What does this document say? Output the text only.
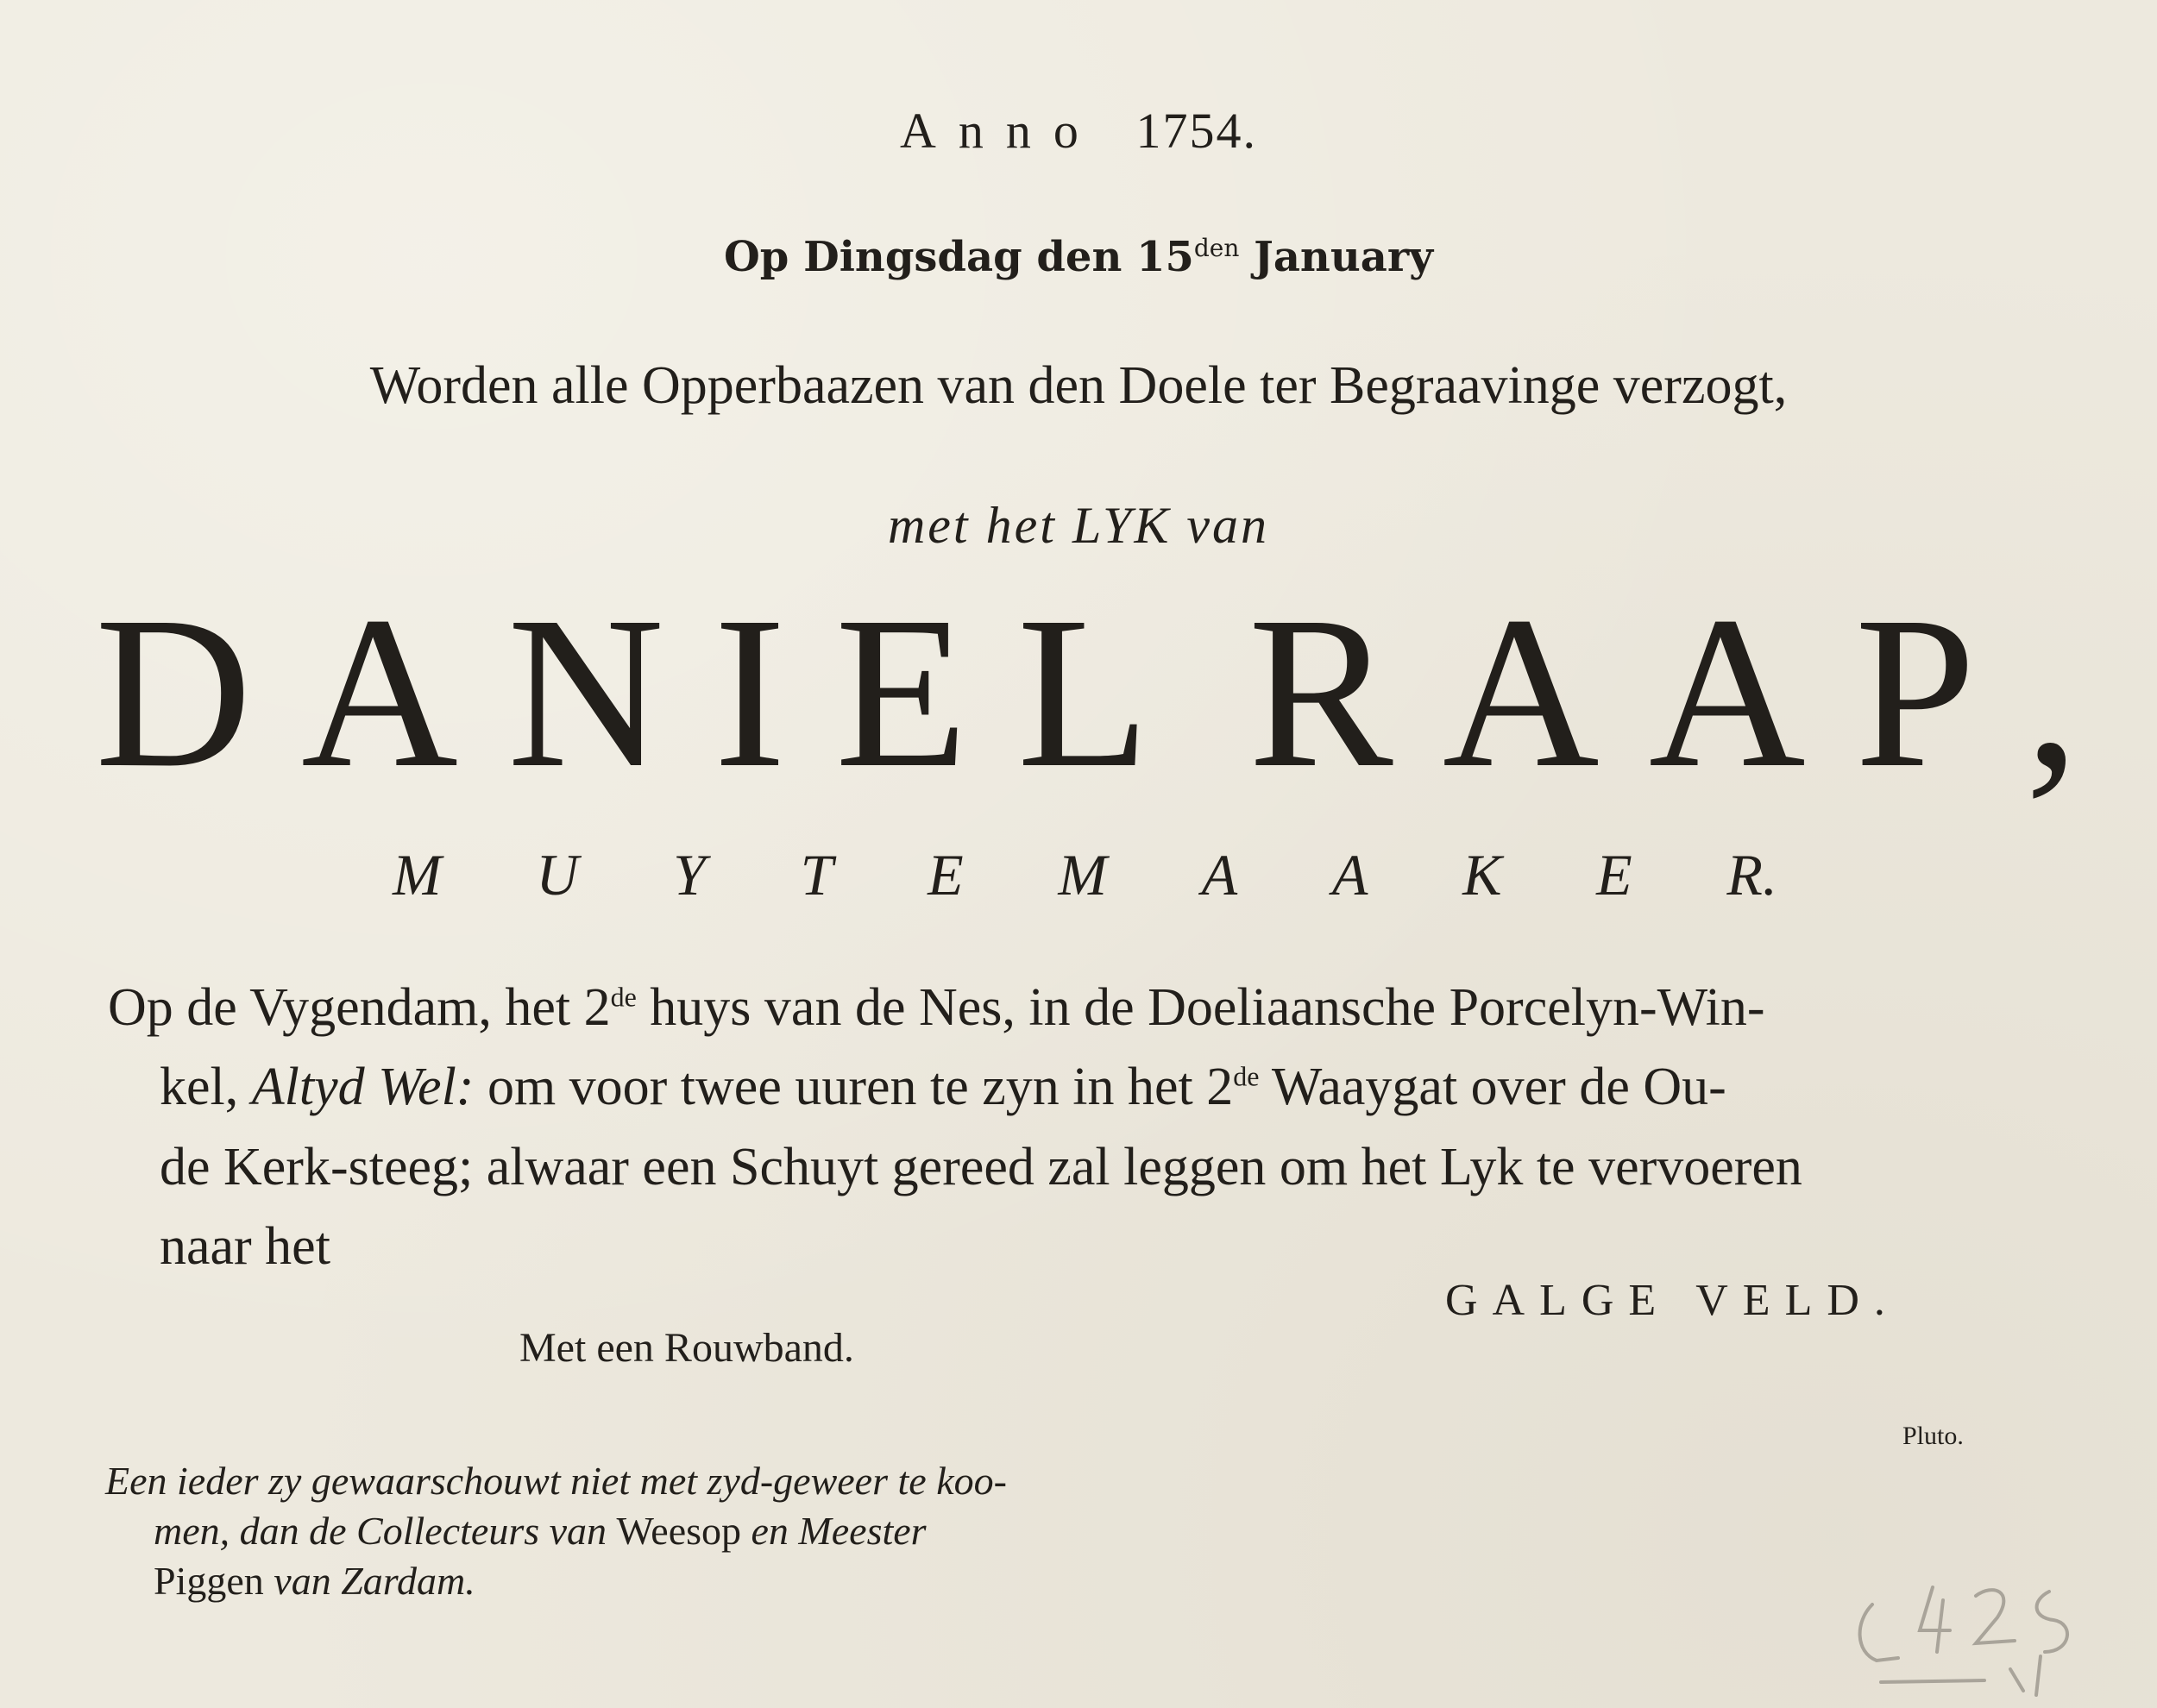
Anno 1754.
Op Dingsdag den $15^{den}$ January
Worden alle Opperbaazen van den Doele ter Begraavinge verzogt,
met het LYK van
D A N I E L R A A P ,
M U Y T E M A A K E R.
Op de Vygendam, het 2de huys van de Nes, in de Doeliaansche Porcelyn-Win-
kel, Altyd Wel: om voor twee uuren te zyn in het 2de Waaygat over de Ou-
de Kerk-steeg; alwaar een Schuyt gereed zal leggen om het Lyk te vervoeren
naar het
GALGE VELD.
Met een Rouwband.
Pluto.
Een ieder zy gewaarschouwt niet met zyd-geweer te koo-
men, dan de Collecteurs van Weesop en Meester
Piggen van Zardam.
